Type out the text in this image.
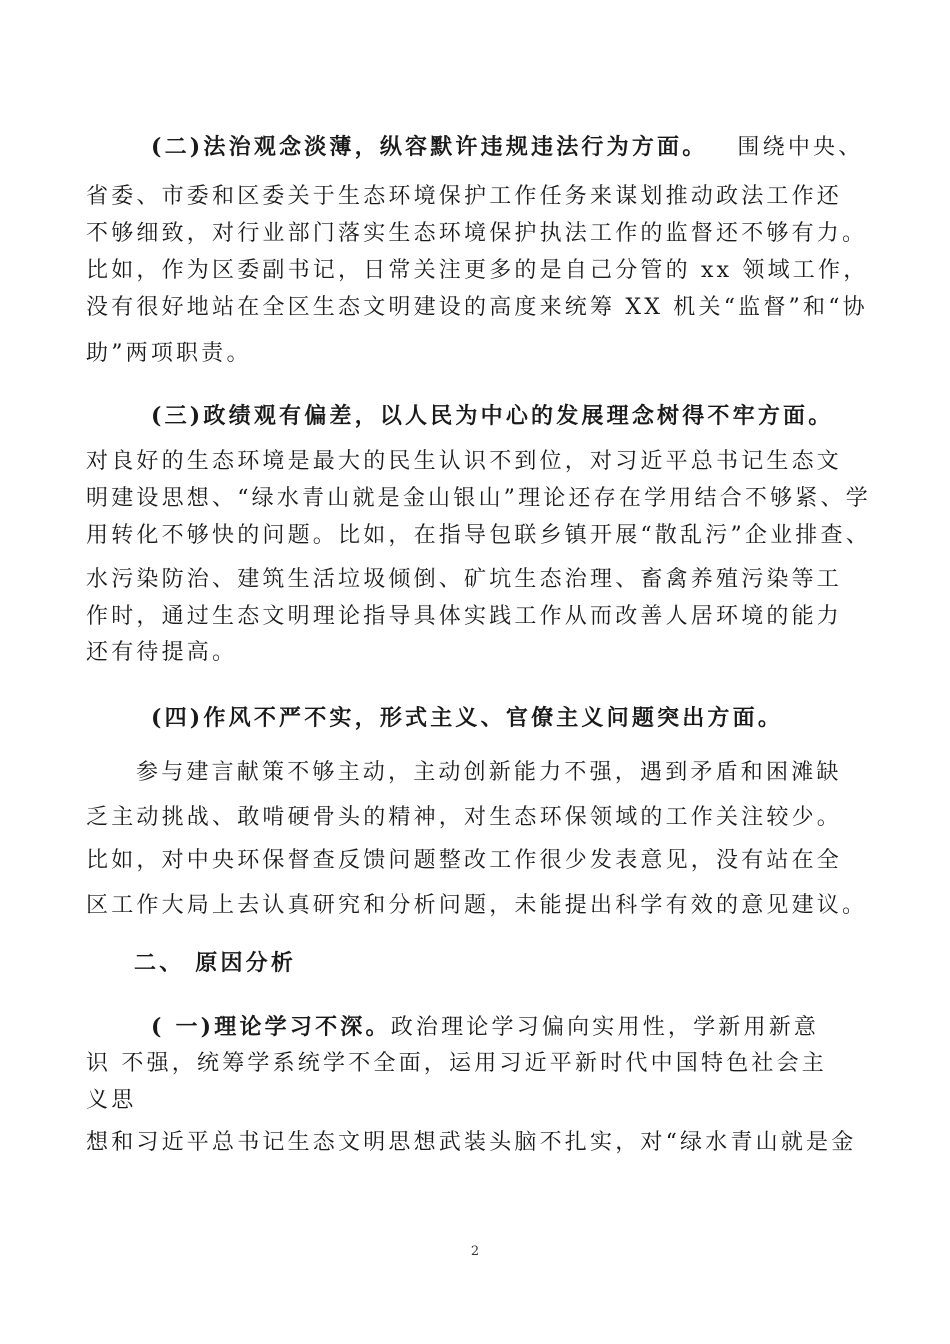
(二)法治观念淡薄，纵容默许违规违法行为方面。 围绕中央、
省委、市委和区委关于生态环境保护工作任务来谋划推动政法工作还
不够细致，对行业部门落实生态环境保护执法工作的监督还不够有力。
比如，作为区委副书记，日常关注更多的是自己分管的 xx 领域工作，
没有很好地站在全区生态文明建设的高度来统筹 XX 机关“监督”和“协
助”两项职责。
(三)政绩观有偏差，以人民为中心的发展理念树得不牢方面。
对良好的生态环境是最大的民生认识不到位，对习近平总书记生态文
明建设思想、“绿水青山就是金山银山”理论还存在学用结合不够紧、学
用转化不够快的问题。比如，在指导包联乡镇开展“散乱污”企业排查、
水污染防治、建筑生活垃圾倾倒、矿坑生态治理、畜禽养殖污染等工
作时，通过生态文明理论指导具体实践工作从而改善人居环境的能力
还有待提高。
(四)作风不严不实，形式主义、官僚主义问题突出方面。
参与建言献策不够主动，主动创新能力不强，遇到矛盾和困滩缺
乏主动挑战、敢啃硬骨头的精神，对生态环保领域的工作关注较少。
比如，对中央环保督查反馈问题整改工作很少发表意见，没有站在全
区工作大局上去认真研究和分析问题，未能提出科学有效的意见建议。
二、 原因分析
( 一)理论学习不深。政治理论学习偏向实用性，学新用新意
识 不强，统筹学系统学不全面，运用习近平新时代中国特色社会主
义思
想和习近平总书记生态文明思想武装头脑不扎实，对“绿水青山就是金
2
